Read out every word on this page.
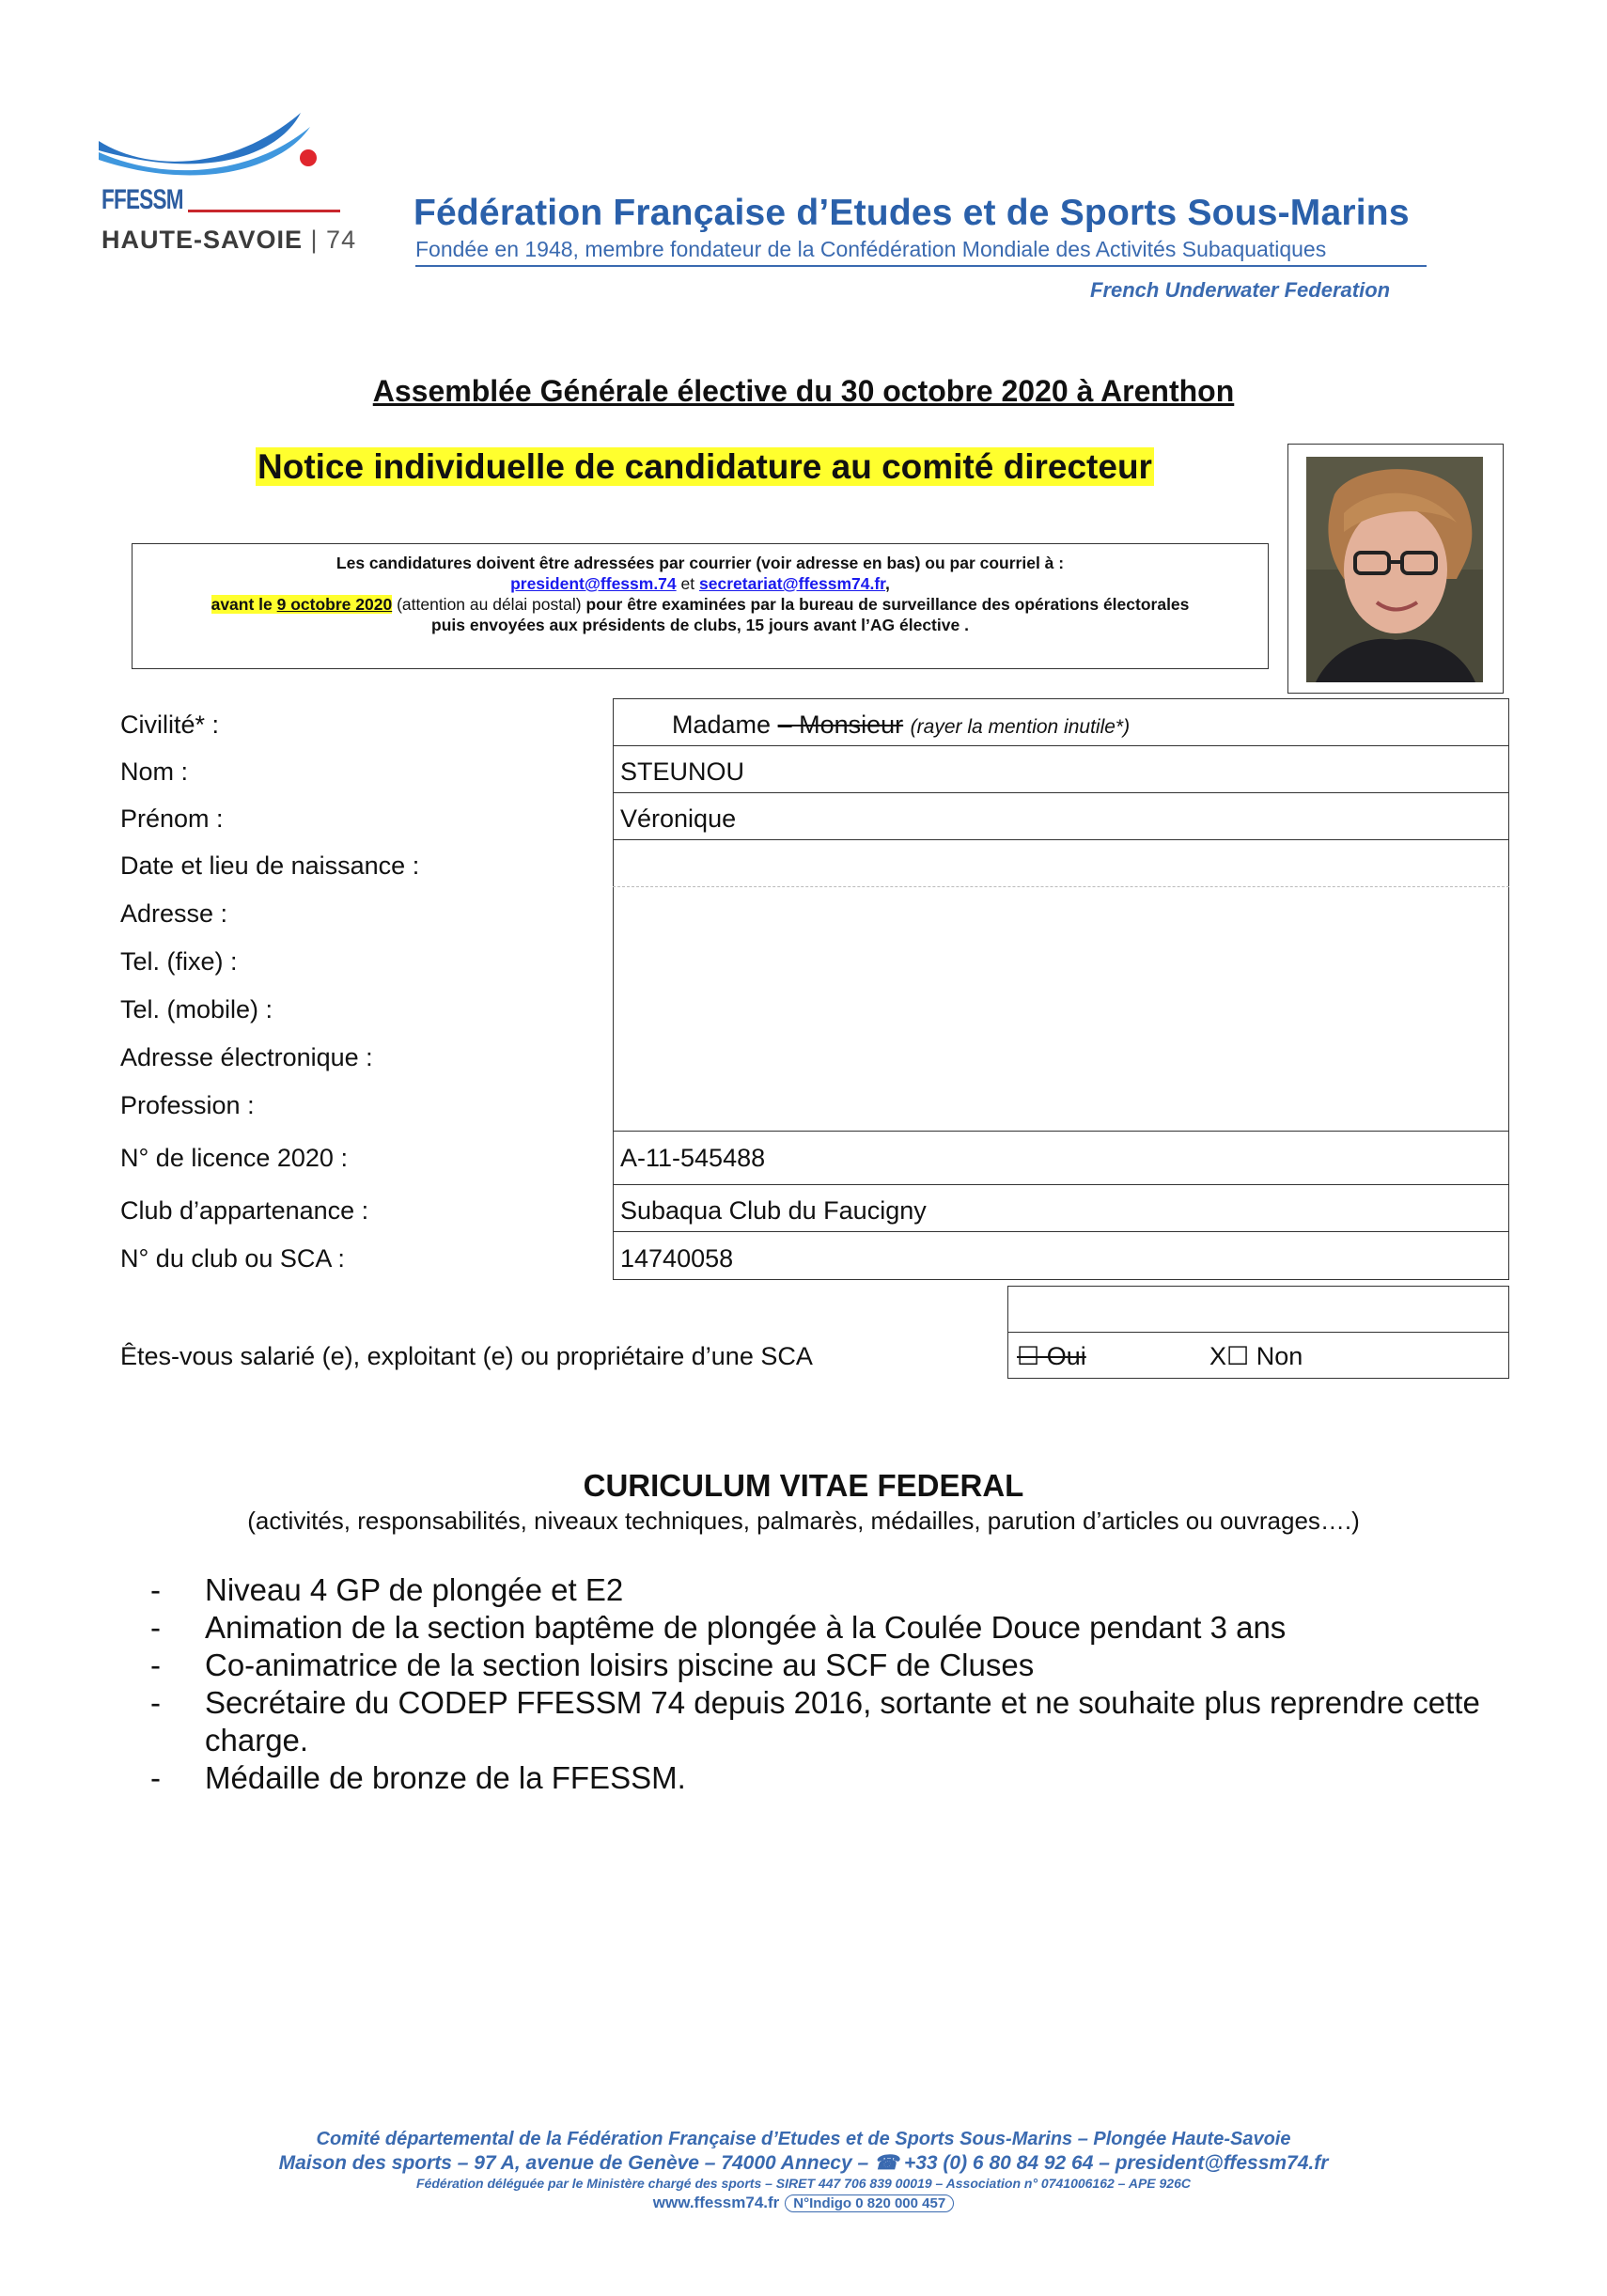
FFESSM
HAUTE-SAVOIE | 74
Fédération Française d’Etudes et de Sports Sous-Marins
Fondée en 1948, membre fondateur de la Confédération Mondiale des Activités Subaquatiques
French Underwater Federation
Assemblée Générale élective du 30 octobre 2020 à Arenthon
Notice individuelle de candidature au comité directeur
Les candidatures doivent être adressées par courrier (voir adresse en bas) ou par courriel à :
president@ffessm.74 et secretariat@ffessm74.fr,
avant le 9 octobre 2020 (attention au délai postal) pour être examinées par la bureau de surveillance des opérations électorales
puis envoyées aux présidents de clubs, 15 jours avant l’AG élective .
Civilité* :	Madame – Monsieur (rayer la mention inutile*)
Nom :	STEUNOU
Prénom :	Véronique
Date et lieu de naissance :
Adresse :
Tel. (fixe) :
Tel. (mobile) :
Adresse électronique :
Profession :
N° de licence 2020 :	A-11-545488
Club d’appartenance :	Subaqua Club du Faucigny
N° du club ou SCA :	14740058
Êtes-vous salarié (e), exploitant (e) ou propriétaire d’une SCA	☐ Oui	X☐ Non
CURICULUM VITAE FEDERAL
(activités, responsabilités, niveaux techniques, palmarès, médailles, parution d’articles ou ouvrages….)
- Niveau 4 GP de plongée et E2
- Animation de la section baptême de plongée à la Coulée Douce pendant 3 ans
- Co-animatrice de la section loisirs piscine au SCF de Cluses
- Secrétaire du CODEP FFESSM 74 depuis 2016, sortante et ne souhaite plus reprendre cette charge.
- Médaille de bronze de la FFESSM.
Comité départemental de la Fédération Française d’Etudes et de Sports Sous-Marins – Plongée Haute-Savoie
Maison des sports – 97 A, avenue de Genève – 74000 Annecy – ☎ +33 (0) 6 80 84 92 64 – president@ffessm74.fr
Fédération déléguée par le Ministère chargé des sports – SIRET 447 706 839 00019 – Association n° 0741006162 – APE 926C
www.ffessm74.fr N°Indigo 0 820 000 457
